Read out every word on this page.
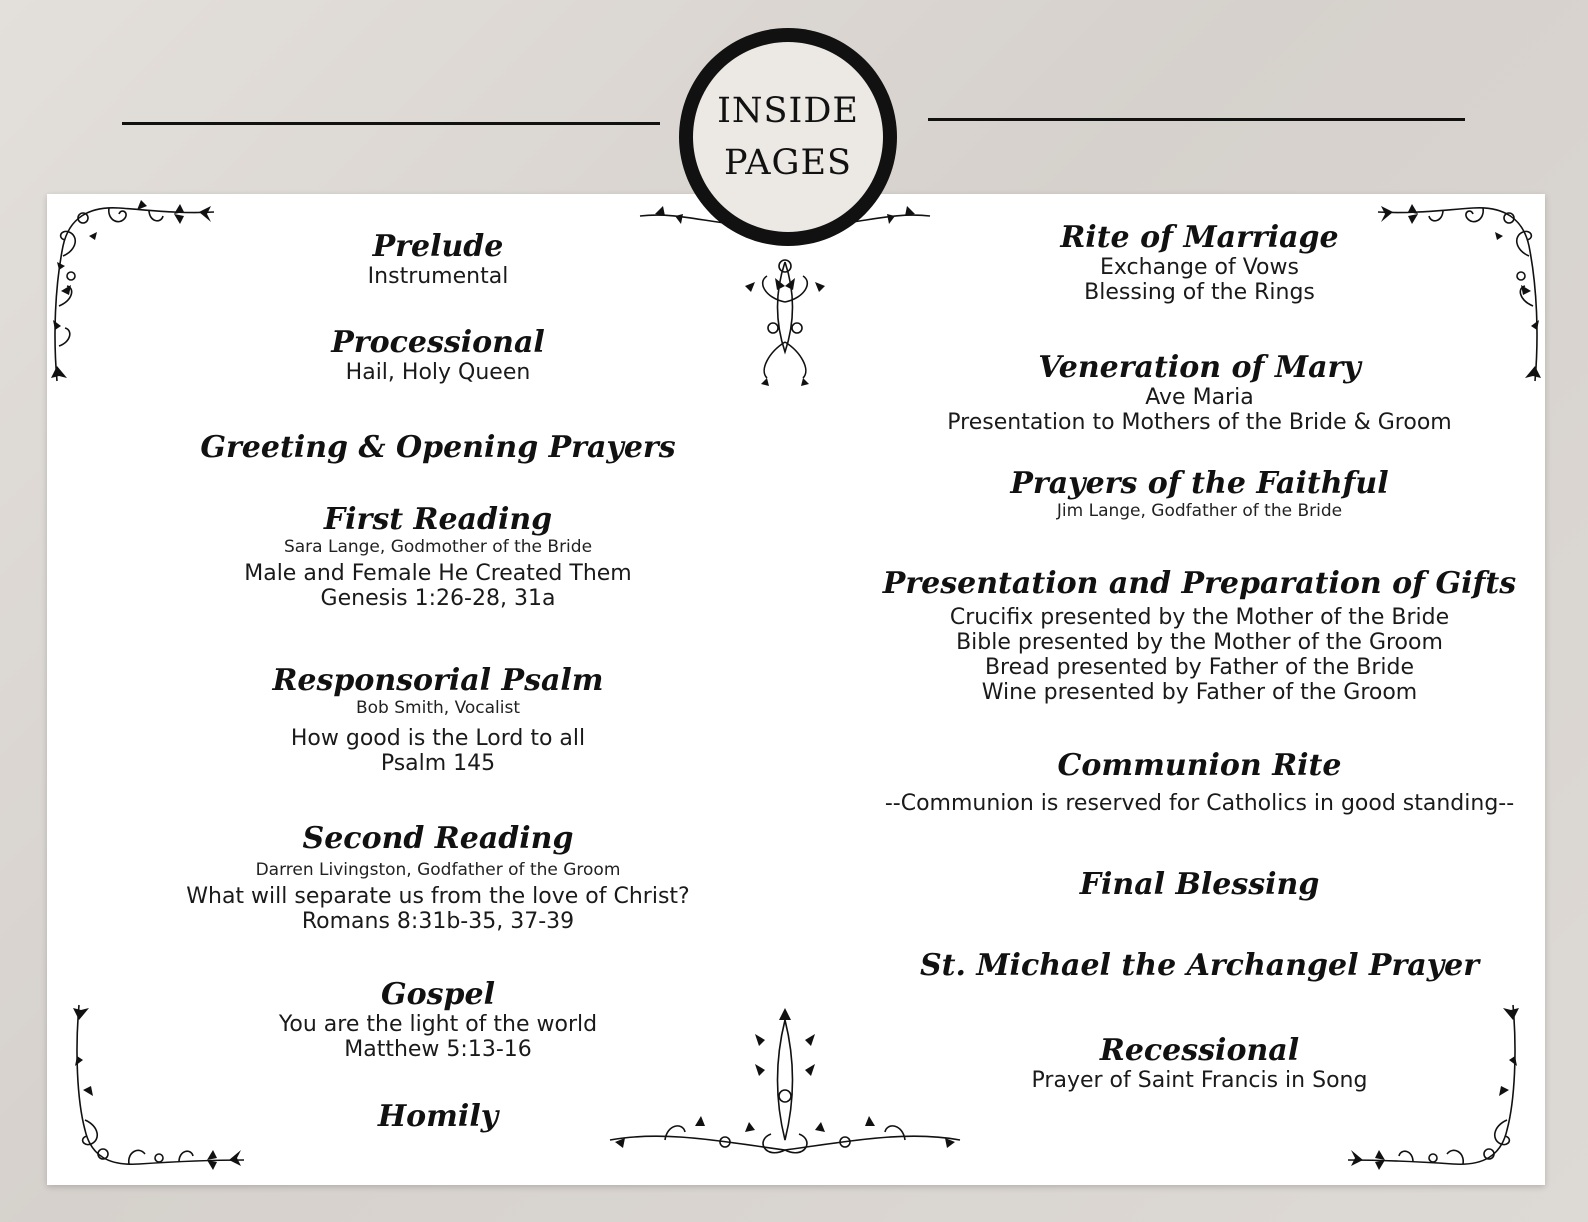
Prelude
Instrumental
Processional
Hail, Holy Queen
Greeting & Opening Prayers
First Reading
Sara Lange, Godmother of the Bride
Male and Female He Created Them
Genesis 1:26-28, 31a
Responsorial Psalm
Bob Smith, Vocalist
How good is the Lord to all
Psalm 145
Second Reading
Darren Livingston, Godfather of the Groom
What will separate us from the love of Christ?
Romans 8:31b-35, 37-39
Gospel
You are the light of the world
Matthew 5:13-16
Homily
Rite of Marriage
Exchange of Vows
Blessing of the Rings
Veneration of Mary
Ave Maria
Presentation to Mothers of the Bride & Groom
Prayers of the Faithful
Jim Lange, Godfather of the Bride
Presentation and Preparation of Gifts
Crucifix presented by the Mother of the Bride
Bible presented by the Mother of the Groom
Bread presented by Father of the Bride
Wine presented by Father of the Groom
Communion Rite
--Communion is reserved for Catholics in good standing--
Final Blessing
St. Michael the Archangel Prayer
Recessional
Prayer of Saint Francis in Song
INSIDE
PAGES
